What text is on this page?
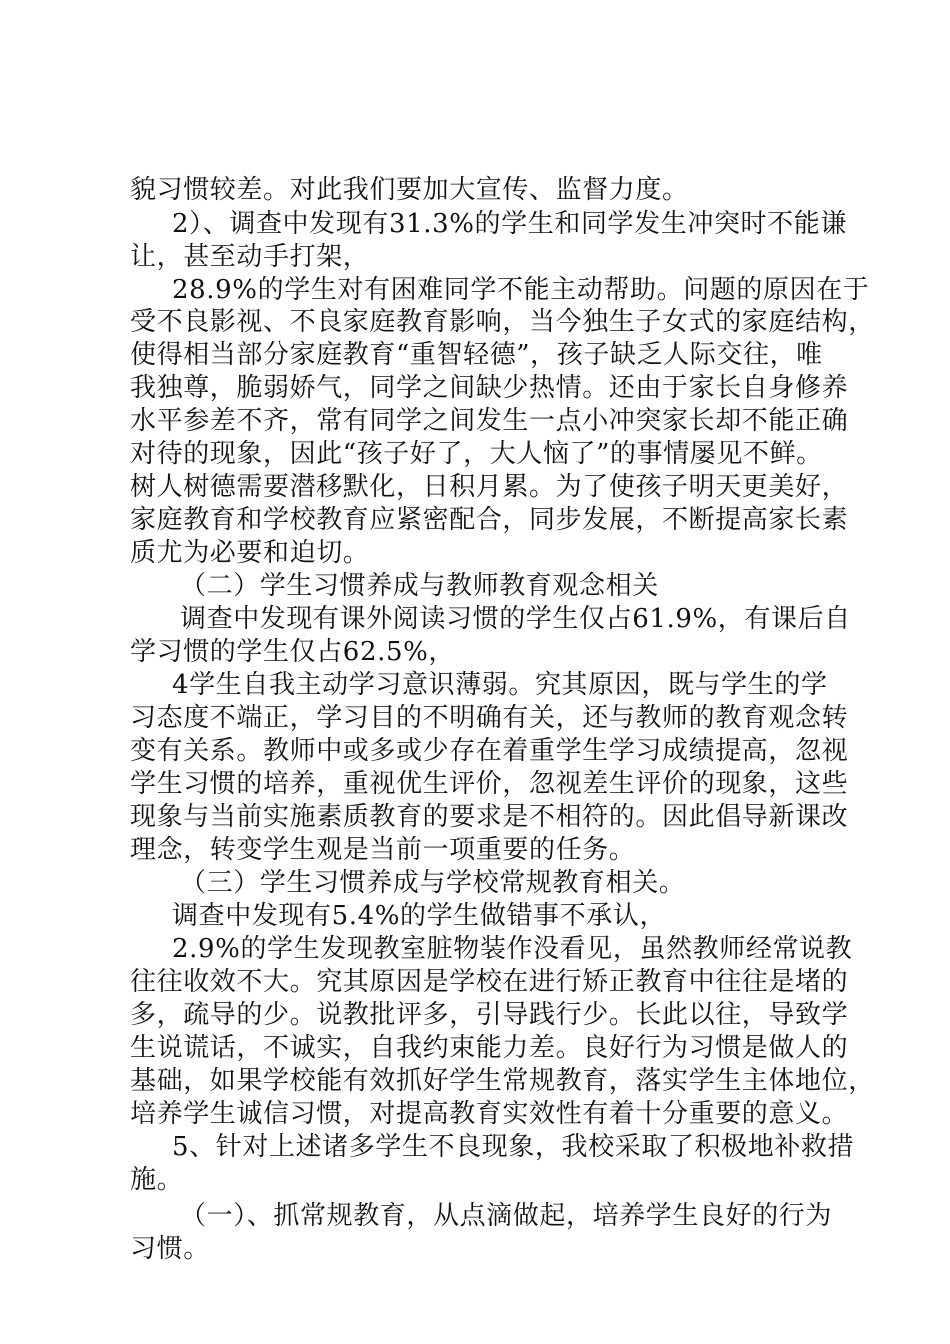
貌习惯较差。对此我们要加大宣传、监督力度。
2）、调查中发现有31.3%的学生和同学发生冲突时不能谦
让，甚至动手打架，
28.9%的学生对有困难同学不能主动帮助。问题的原因在于
受不良影视、不良家庭教育影响，当今独生子女式的家庭结构，
使得相当部分家庭教育“重智轻德”，孩子缺乏人际交往，唯
我独尊，脆弱娇气，同学之间缺少热情。还由于家长自身修养
水平参差不齐，常有同学之间发生一点小冲突家长却不能正确
对待的现象，因此“孩子好了，大人恼了”的事情屡见不鲜。
树人树德需要潜移默化，日积月累。为了使孩子明天更美好，
家庭教育和学校教育应紧密配合，同步发展，不断提高家长素
质尤为必要和迫切。
（二）学生习惯养成与教师教育观念相关
调查中发现有课外阅读习惯的学生仅占61.9%，有课后自
学习惯的学生仅占62.5%，
4学生自我主动学习意识薄弱。究其原因，既与学生的学
习态度不端正，学习目的不明确有关，还与教师的教育观念转
变有关系。教师中或多或少存在着重学生学习成绩提高，忽视
学生习惯的培养，重视优生评价，忽视差生评价的现象，这些
现象与当前实施素质教育的要求是不相符的。因此倡导新课改
理念，转变学生观是当前一项重要的任务。
（三）学生习惯养成与学校常规教育相关。
调查中发现有5.4%的学生做错事不承认，
2.9%的学生发现教室脏物装作没看见，虽然教师经常说教
往往收效不大。究其原因是学校在进行矫正教育中往往是堵的
多，疏导的少。说教批评多，引导践行少。长此以往，导致学
生说谎话，不诚实，自我约束能力差。良好行为习惯是做人的
基础，如果学校能有效抓好学生常规教育，落实学生主体地位，
培养学生诚信习惯，对提高教育实效性有着十分重要的意义。
5、针对上述诸多学生不良现象，我校采取了积极地补救措
施。
（一）、抓常规教育，从点滴做起，培养学生良好的行为
习惯。
